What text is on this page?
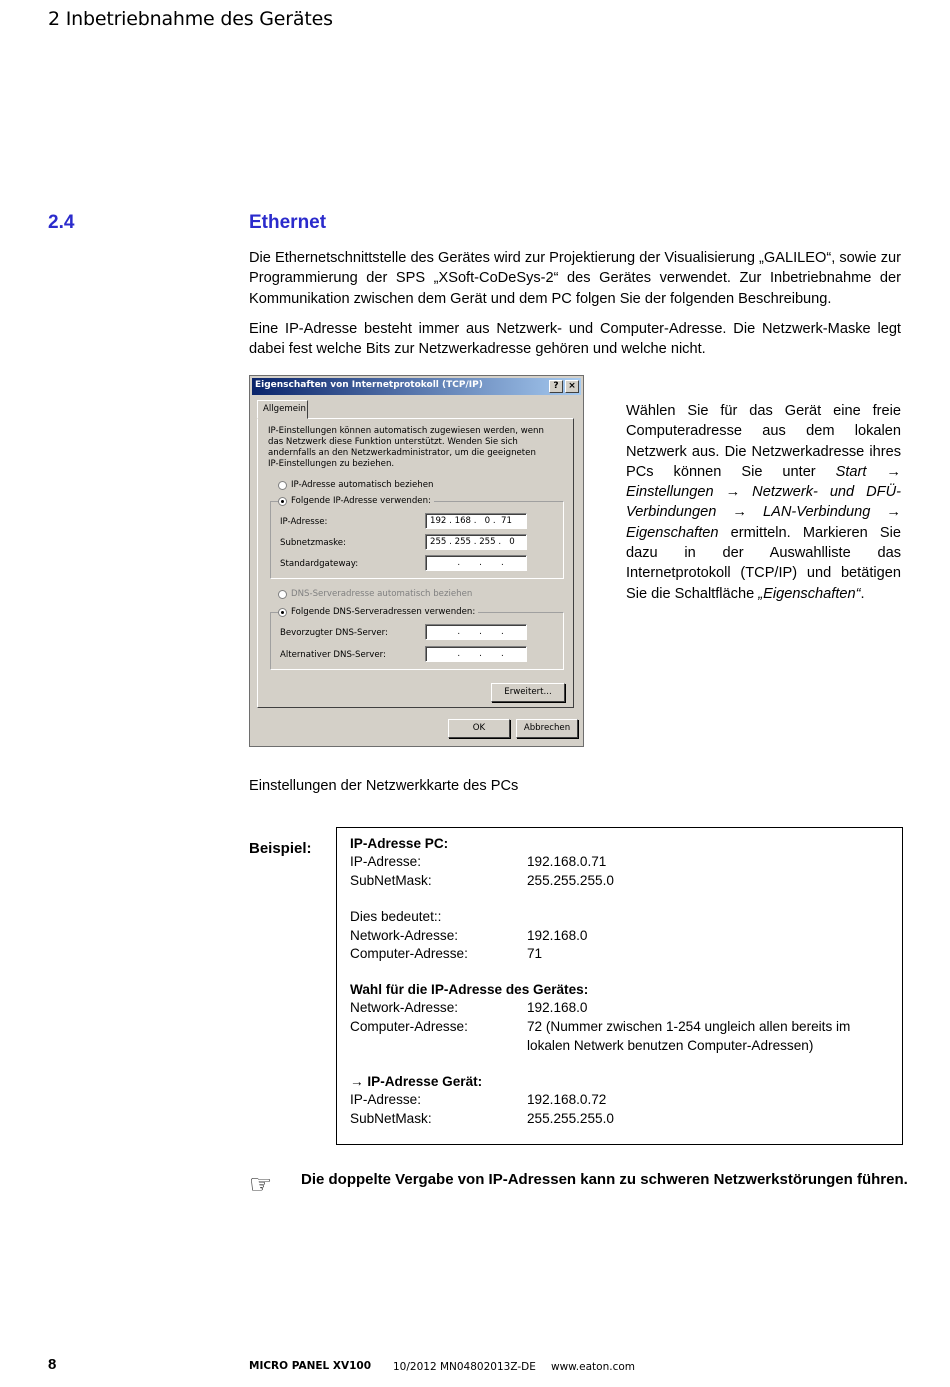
2 Inbetriebnahme des Gerätes
2.4	Ethernet

Die Ethernetschnittstelle des Gerätes wird zur Projektierung der Visualisierung „GALILEO“, sowie zur Programmierung der SPS „XSoft-CoDeSys-2“ des Gerätes verwendet. Zur Inbetriebnahme der Kommunikation zwischen dem Gerät und dem PC folgen Sie der folgenden Beschreibung.

Eine IP-Adresse besteht immer aus Netzwerk- und Computer-Adresse. Die Netzwerk-Maske legt dabei fest welche Bits zur Netzwerkadresse gehören und welche nicht.

Eigenschaften von Internetprotokoll (TCP/IP)	?	×
Allgemein
IP-Einstellungen können automatisch zugewiesen werden, wenn das Netzwerk diese Funktion unterstützt. Wenden Sie sich andernfalls an den Netzwerkadministrator, um die geeigneten IP-Einstellungen zu beziehen.
IP-Adresse automatisch beziehen
Folgende IP-Adresse verwenden:
IP-Adresse:	192 . 168 .   0 .  71
Subnetzmaske:	255 . 255 . 255 .   0
Standardgateway:	.       .       .
DNS-Serveradresse automatisch beziehen
Folgende DNS-Serveradressen verwenden:
Bevorzugter DNS-Server:	.       .       .
Alternativer DNS-Server:	.       .       .
Erweitert...
OK	Abbrechen

Wählen Sie für das Gerät eine freie Computeradresse aus dem lokalen Netzwerk aus. Die Netzwerkadresse ihres PCs können Sie unter Start → Einstellungen → Netzwerk- und DFÜ-Verbindungen → LAN-Verbindung → Eigenschaften ermitteln. Markieren Sie dazu in der Auswahlliste das Internetprotokoll (TCP/IP) und betätigen Sie die Schaltfläche „Eigenschaften“.

Einstellungen der Netzwerkkarte des PCs
Beispiel:	IP-Adresse PC:
IP-Adresse:	192.168.0.71
SubNetMask:	255.255.255.0
Dies bedeutet::
Network-Adresse:	192.168.0
Computer-Adresse:	71
Wahl für die IP-Adresse des Gerätes:
Network-Adresse:	192.168.0
Computer-Adresse:	72 (Nummer zwischen 1-254 ungleich allen bereits im
lokalen Netwerk benutzen Computer-Adressen)
→ IP-Adresse Gerät:
IP-Adresse:	192.168.0.72
SubNetMask:	255.255.255.0
☞ Die doppelte Vergabe von IP-Adressen kann zu schweren Netzwerkstörungen führen.
8	MICRO PANEL XV100 10/2012 MN04802013Z-DE www.eaton.com
